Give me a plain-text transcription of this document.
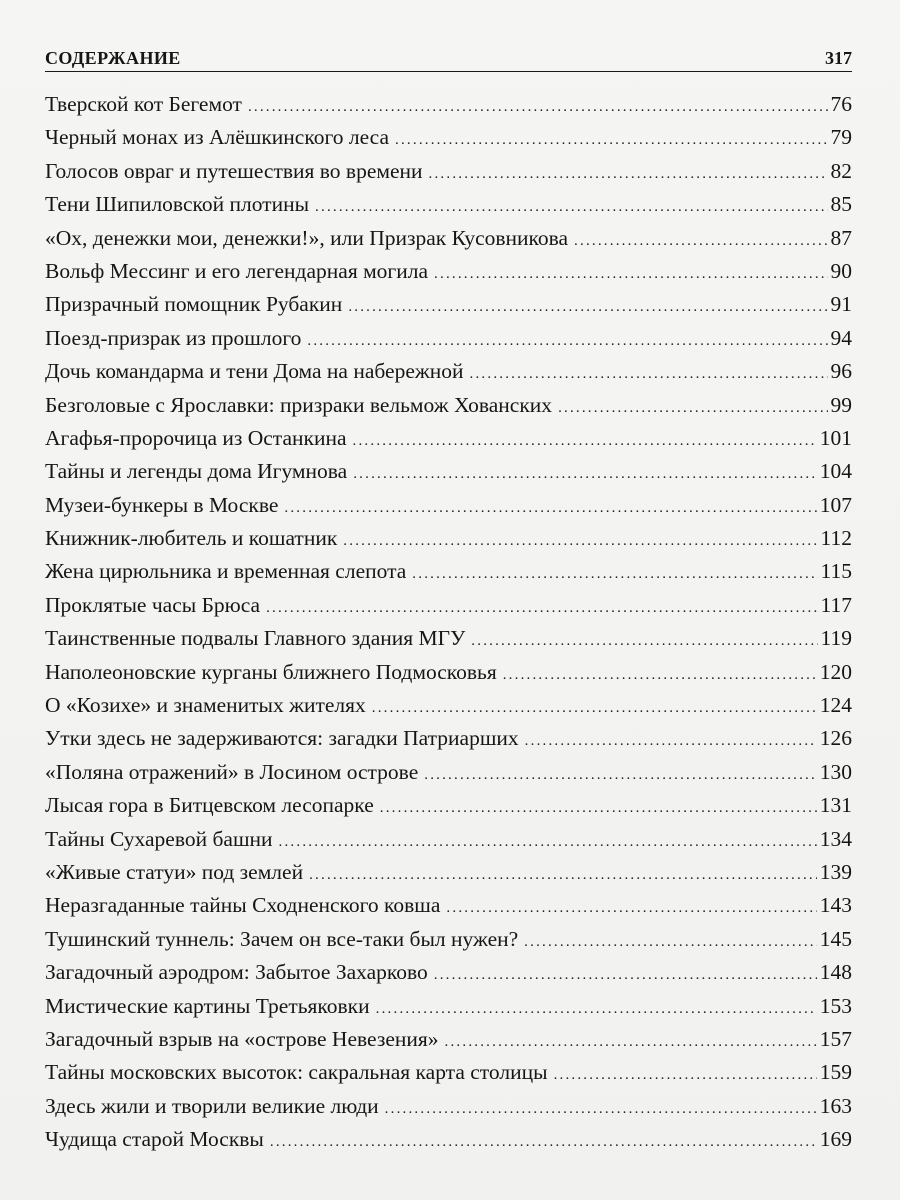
СОДЕРЖАНИЕ	317
Тверской кот Бегемот .....	76
Черный монах из Алёшкинского леса .....	79
Голосов овраг и путешествия во времени .....	82
Тени Шипиловской плотины .....	85
«Ох, денежки мои, денежки!», или Призрак Кусовникова .....	87
Вольф Мессинг и его легендарная могила .....	90
Призрачный помощник Рубакин .....	91
Поезд-призрак из прошлого .....	94
Дочь командарма и тени Дома на набережной .....	96
Безголовые с Ярославки: призраки вельмож Хованских .....	99
Агафья-пророчица из Останкина .....	101
Тайны и легенды дома Игумнова .....	104
Музеи-бункеры в Москве .....	107
Книжник-любитель и кошатник .....	112
Жена цирюльника и временная слепота .....	115
Проклятые часы Брюса .....	117
Таинственные подвалы Главного здания МГУ .....	119
Наполеоновские курганы ближнего Подмосковья .....	120
О «Козихе» и знаменитых жителях .....	124
Утки здесь не задерживаются: загадки Патриарших .....	126
«Поляна отражений» в Лосином острове .....	130
Лысая гора в Битцевском лесопарке .....	131
Тайны Сухаревой башни .....	134
«Живые статуи» под землей .....	139
Неразгаданные тайны Сходненского ковша .....	143
Тушинский туннель: Зачем он все-таки был нужен? .....	145
Загадочный аэродром: Забытое Захарково .....	148
Мистические картины Третьяковки .....	153
Загадочный взрыв на «острове Невезения» .....	157
Тайны московских высоток: сакральная карта столицы .....	159
Здесь жили и творили великие люди .....	163
Чудища старой Москвы .....	169
